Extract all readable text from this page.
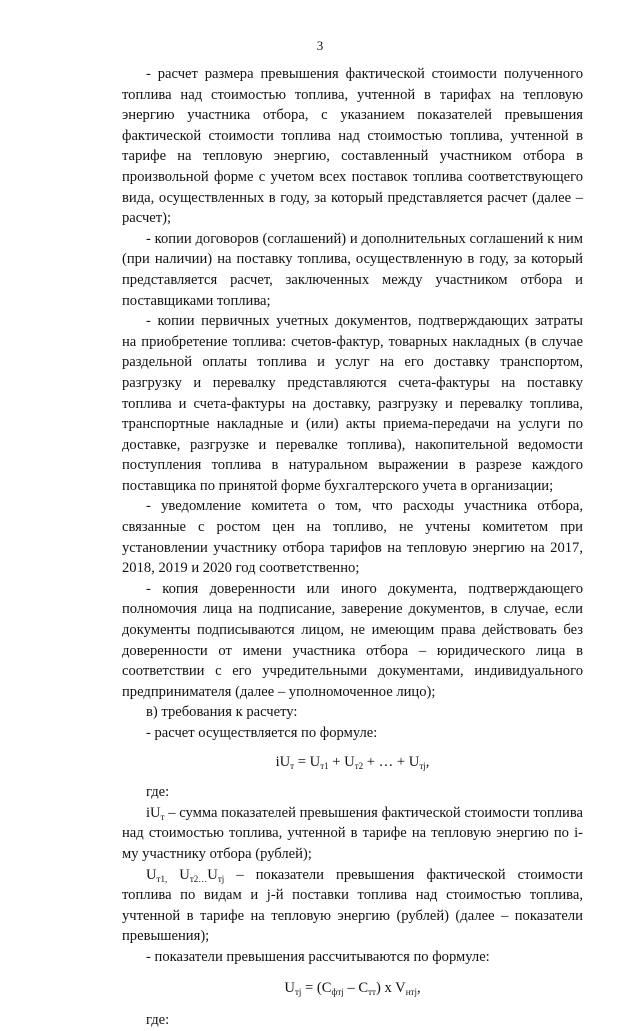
3

- расчет размера превышения фактической стоимости полученного топлива над стоимостью топлива, учтенной в тарифах на тепловую энергию участника отбора, с указанием показателей превышения фактической стоимости топлива над стоимостью топлива, учтенной в тарифе на тепловую энергию, составленный участником отбора в произвольной форме с учетом всех поставок топлива соответствующего вида, осуществленных в году, за который представляется расчет (далее – расчет);

- копии договоров (соглашений) и дополнительных соглашений к ним (при наличии) на поставку топлива, осуществленную в году, за который представляется расчет, заключенных между участником отбора и поставщиками топлива;

- копии первичных учетных документов, подтверждающих затраты на приобретение топлива: счетов-фактур, товарных накладных (в случае раздельной оплаты топлива и услуг на его доставку транспортом, разгрузку и перевалку представляются счета-фактуры на поставку топлива и счета-фактуры на доставку, разгрузку и перевалку топлива, транспортные накладные и (или) акты приема-передачи на услуги по доставке, разгрузке и перевалке топлива), накопительной ведомости поступления топлива в натуральном выражении в разрезе каждого поставщика по принятой форме бухгалтерского учета в организации;

- уведомление комитета о том, что расходы участника отбора, связанные с ростом цен на топливо, не учтены комитетом при установлении участнику отбора тарифов на тепловую энергию на 2017, 2018, 2019 и 2020 год соответственно;

- копия доверенности или иного документа, подтверждающего полномочия лица на подписание, заверение документов, в случае, если документы подписываются лицом, не имеющим права действовать без доверенности от имени участника отбора – юридического лица в соответствии с его учредительными документами, индивидуального предпринимателя (далее – уполномоченное лицо);

в) требования к расчету:

- расчет осуществляется по формуле:

$iU_т = U_{т1} + U_{т2}$ + … + $U_{тj}$,

где:

$iU_т$ – сумма показателей превышения фактической стоимости топлива над стоимостью топлива, учтенной в тарифе на тепловую энергию по i-му участнику отбора (рублей);

$U_{т1,}$ $U_{т2\dots}U_{тj}$ – показатели превышения фактической стоимости топлива по видам и j-й поставки топлива над стоимостью топлива, учтенной в тарифе на тепловую энергию (рублей) (далее – показатели превышения);

- показатели превышения рассчитываются по формуле:

$U_{тj} = (C_{фтj} - C_{тт})$ x $V_{нтj}$,

где:
